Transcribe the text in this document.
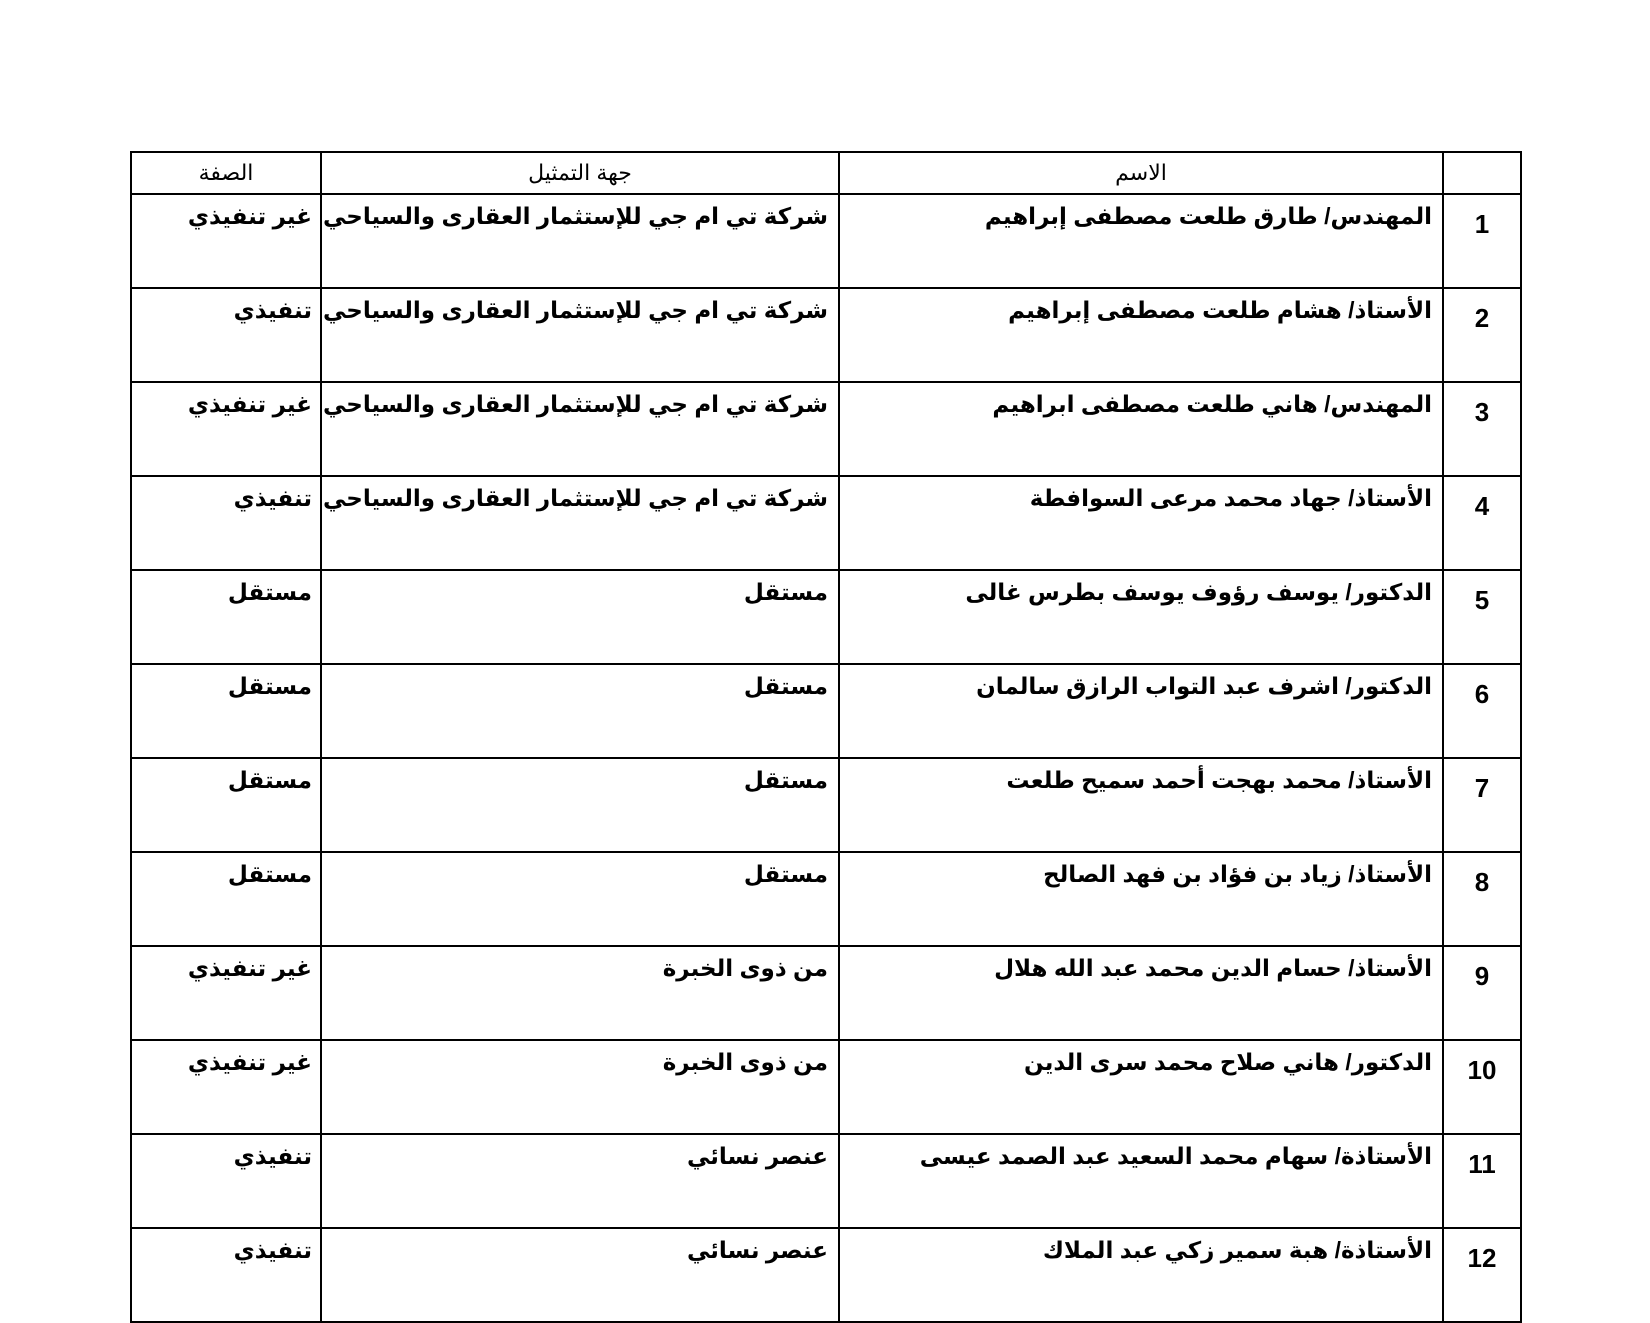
	الاسم	جهة التمثيل	الصفة
1	المهندس/ طارق طلعت مصطفى إبراهيم	شركة تي ام جي للإستثمار العقارى والسياحي	غير تنفيذي
2	الأستاذ/ هشام طلعت مصطفى إبراهيم	شركة تي ام جي للإستثمار العقارى والسياحي	تنفيذي
3	المهندس/ هاني طلعت مصطفى ابراهيم	شركة تي ام جي للإستثمار العقارى والسياحي	غير تنفيذي
4	الأستاذ/ جهاد محمد مرعى السوافطة	شركة تي ام جي للإستثمار العقارى والسياحي	تنفيذي
5	الدكتور/ يوسف رؤوف يوسف بطرس غالى	مستقل	مستقل
6	الدكتور/ اشرف عبد التواب الرازق سالمان	مستقل	مستقل
7	الأستاذ/ محمد بهجت أحمد سميح طلعت	مستقل	مستقل
8	الأستاذ/ زياد بن فؤاد بن فهد الصالح	مستقل	مستقل
9	الأستاذ/ حسام الدين محمد عبد الله هلال	من ذوى الخبرة	غير تنفيذي
10	الدكتور/ هاني صلاح محمد سرى الدين	من ذوى الخبرة	غير تنفيذي
11	الأستاذة/ سهام محمد السعيد عبد الصمد عيسى	عنصر نسائي	تنفيذي
12	الأستاذة/ هبة سمير زكي عبد الملاك	عنصر نسائي	تنفيذي
